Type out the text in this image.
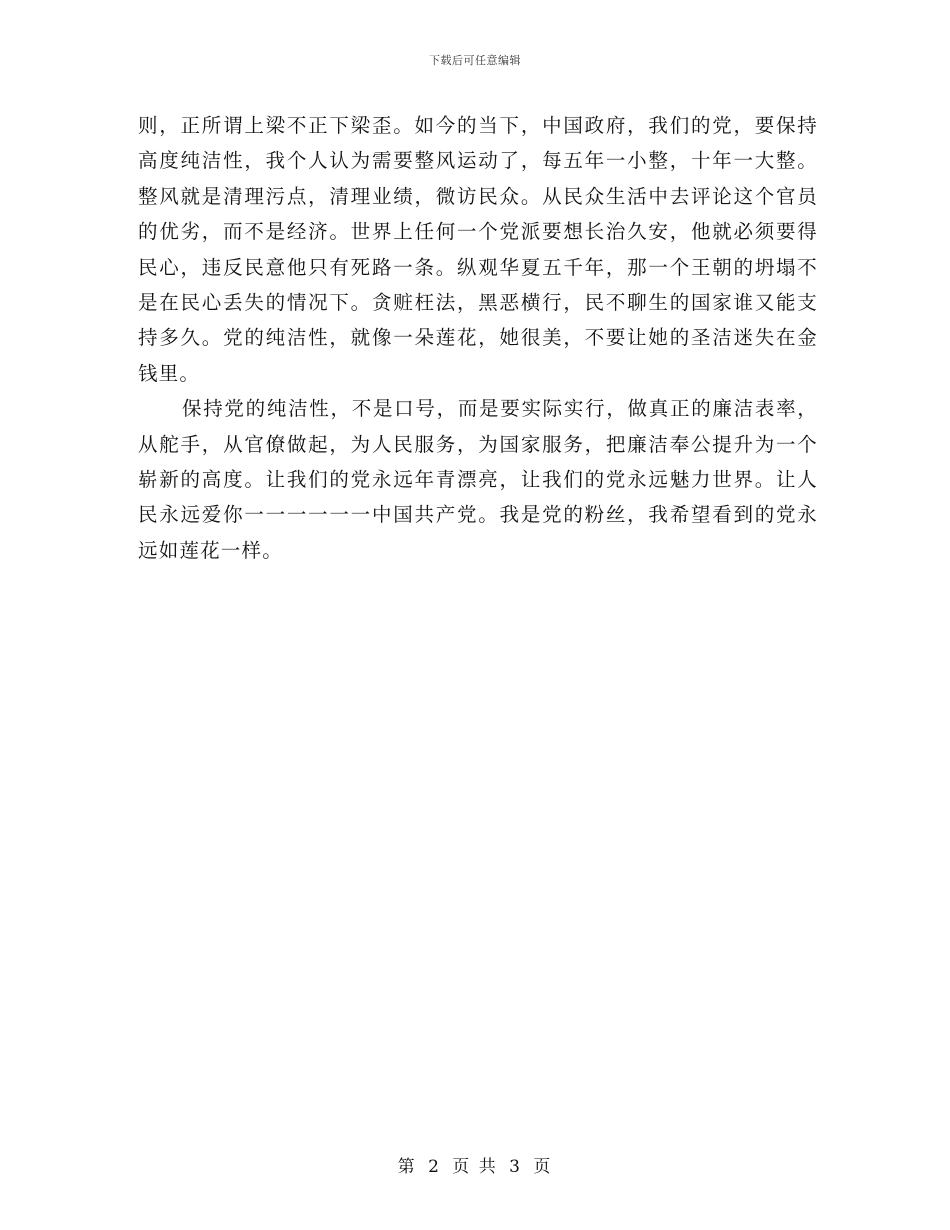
下载后可任意编辑

则，正所谓上梁不正下梁歪。如今的当下，中国政府，我们的党，要保持高度纯洁性，我个人认为需要整风运动了，每五年一小整，十年一大整。整风就是清理污点，清理业绩，微访民众。从民众生活中去评论这个官员的优劣，而不是经济。世界上任何一个党派要想长治久安，他就必须要得民心，违反民意他只有死路一条。纵观华夏五千年，那一个王朝的坍塌不是在民心丢失的情况下。贪赃枉法，黑恶横行，民不聊生的国家谁又能支持多久。党的纯洁性，就像一朵莲花，她很美，不要让她的圣洁迷失在金钱里。

保持党的纯洁性，不是口号，而是要实际实行，做真正的廉洁表率，从舵手，从官僚做起，为人民服务，为国家服务，把廉洁奉公提升为一个崭新的高度。让我们的党永远年青漂亮，让我们的党永远魅力世界。让人民永远爱你一一一一一一中国共产党。我是党的粉丝，我希望看到的党永远如莲花一样。

第 2 页 共 3 页
